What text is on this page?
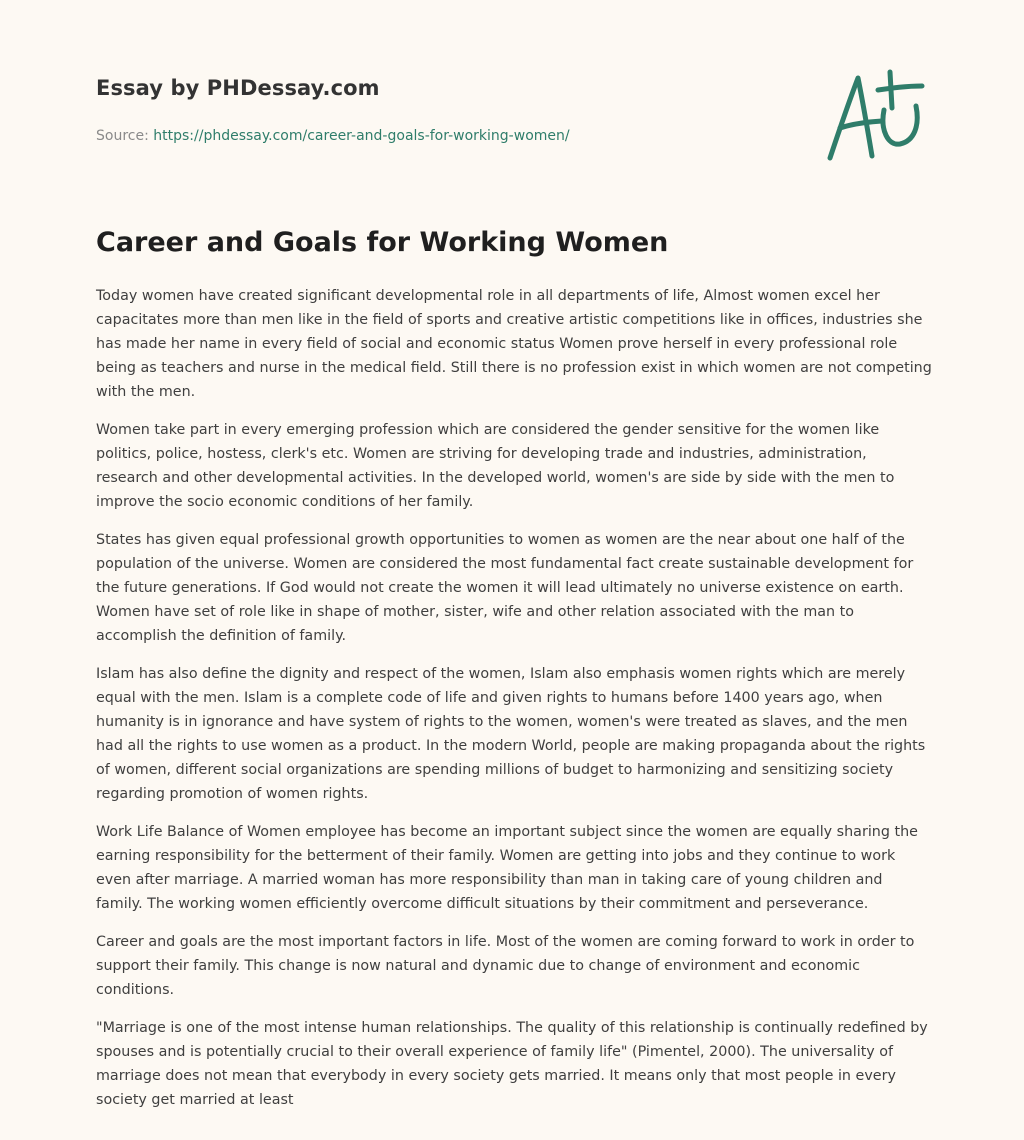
Essay by PHDessay.com
Source: https://phdessay.com/career-and-goals-for-working-women/
Career and Goals for Working Women

Today women have created significant developmental role in all departments of life, Almost women excel her capacitates more than men like in the field of sports and creative artistic competitions like in offices, industries she has made her name in every field of social and economic status Women prove herself in every professional role being as teachers and nurse in the medical field. Still there is no profession exist in which women are not competing with the men.

Women take part in every emerging profession which are considered the gender sensitive for the women like politics, police, hostess, clerk's etc. Women are striving for developing trade and industries, administration, research and other developmental activities. In the developed world, women's are side by side with the men to improve the socio economic conditions of her family.

States has given equal professional growth opportunities to women as women are the near about one half of the population of the universe. Women are considered the most fundamental fact create sustainable development for the future generations. If God would not create the women it will lead ultimately no universe existence on earth. Women have set of role like in shape of mother, sister, wife and other relation associated with the man to accomplish the definition of family.

Islam has also define the dignity and respect of the women, Islam also emphasis women rights which are merely equal with the men. Islam is a complete code of life and given rights to humans before 1400 years ago, when humanity is in ignorance and have system of rights to the women, women's were treated as slaves, and the men had all the rights to use women as a product. In the modern World, people are making propaganda about the rights of women, different social organizations are spending millions of budget to harmonizing and sensitizing society regarding promotion of women rights.

Work Life Balance of Women employee has become an important subject since the women are equally sharing the earning responsibility for the betterment of their family. Women are getting into jobs and they continue to work even after marriage. A married woman has more responsibility than man in taking care of young children and family. The working women efficiently overcome difficult situations by their commitment and perseverance.

Career and goals are the most important factors in life. Most of the women are coming forward to work in order to support their family. This change is now natural and dynamic due to change of environment and economic conditions.

"Marriage is one of the most intense human relationships. The quality of this relationship is continually redefined by spouses and is potentially crucial to their overall experience of family life" (Pimentel, 2000). The universality of marriage does not mean that everybody in every society gets married. It means only that most people in every society get married at least
